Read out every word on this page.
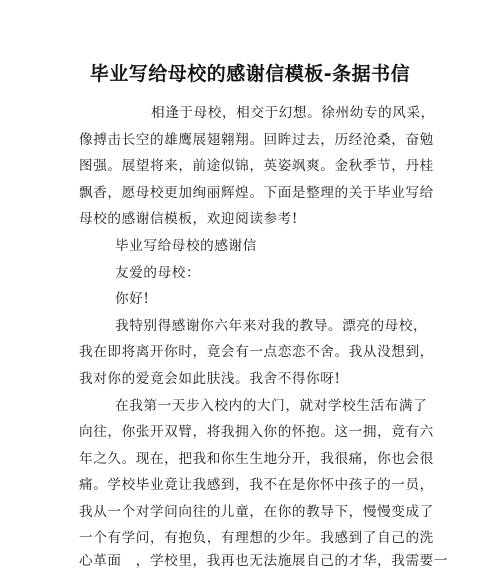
毕业写给母校的感谢信模板-条据书信
相逢于母校，相交于幻想。徐州幼专的风采，
像搏击长空的雄鹰展翅翱翔。回眸过去，历经沧桑，奋勉
图强。展望将来，前途似锦，英姿飒爽。金秋季节，丹桂
飘香，愿母校更加绚丽辉煌。下面是整理的关于毕业写给
母校的感谢信模板，欢迎阅读参考!
毕业写给母校的感谢信
友爱的母校：
你好!
我特别得感谢你六年来对我的教导。漂亮的母校，
我在即将离开你时，竟会有一点恋恋不舍。我从没想到，
我对你的爱竟会如此肤浅。我舍不得你呀!
在我第一天步入校内的大门，就对学校生活布满了
向往，你张开双臂，将我拥入你的怀抱。这一拥，竟有六
年之久。现在，把我和你生生地分开，我很痛，你也会很
痛。学校毕业竟让我感到，我不在是你怀中孩子的一员，
我从一个对学问向往的儿童，在你的教导下，慢慢变成了
一个有学问，有抱负，有理想的少年。我感到了自己的洗
心革面　，学校里，我再也无法施展自己的才华，我需要一
